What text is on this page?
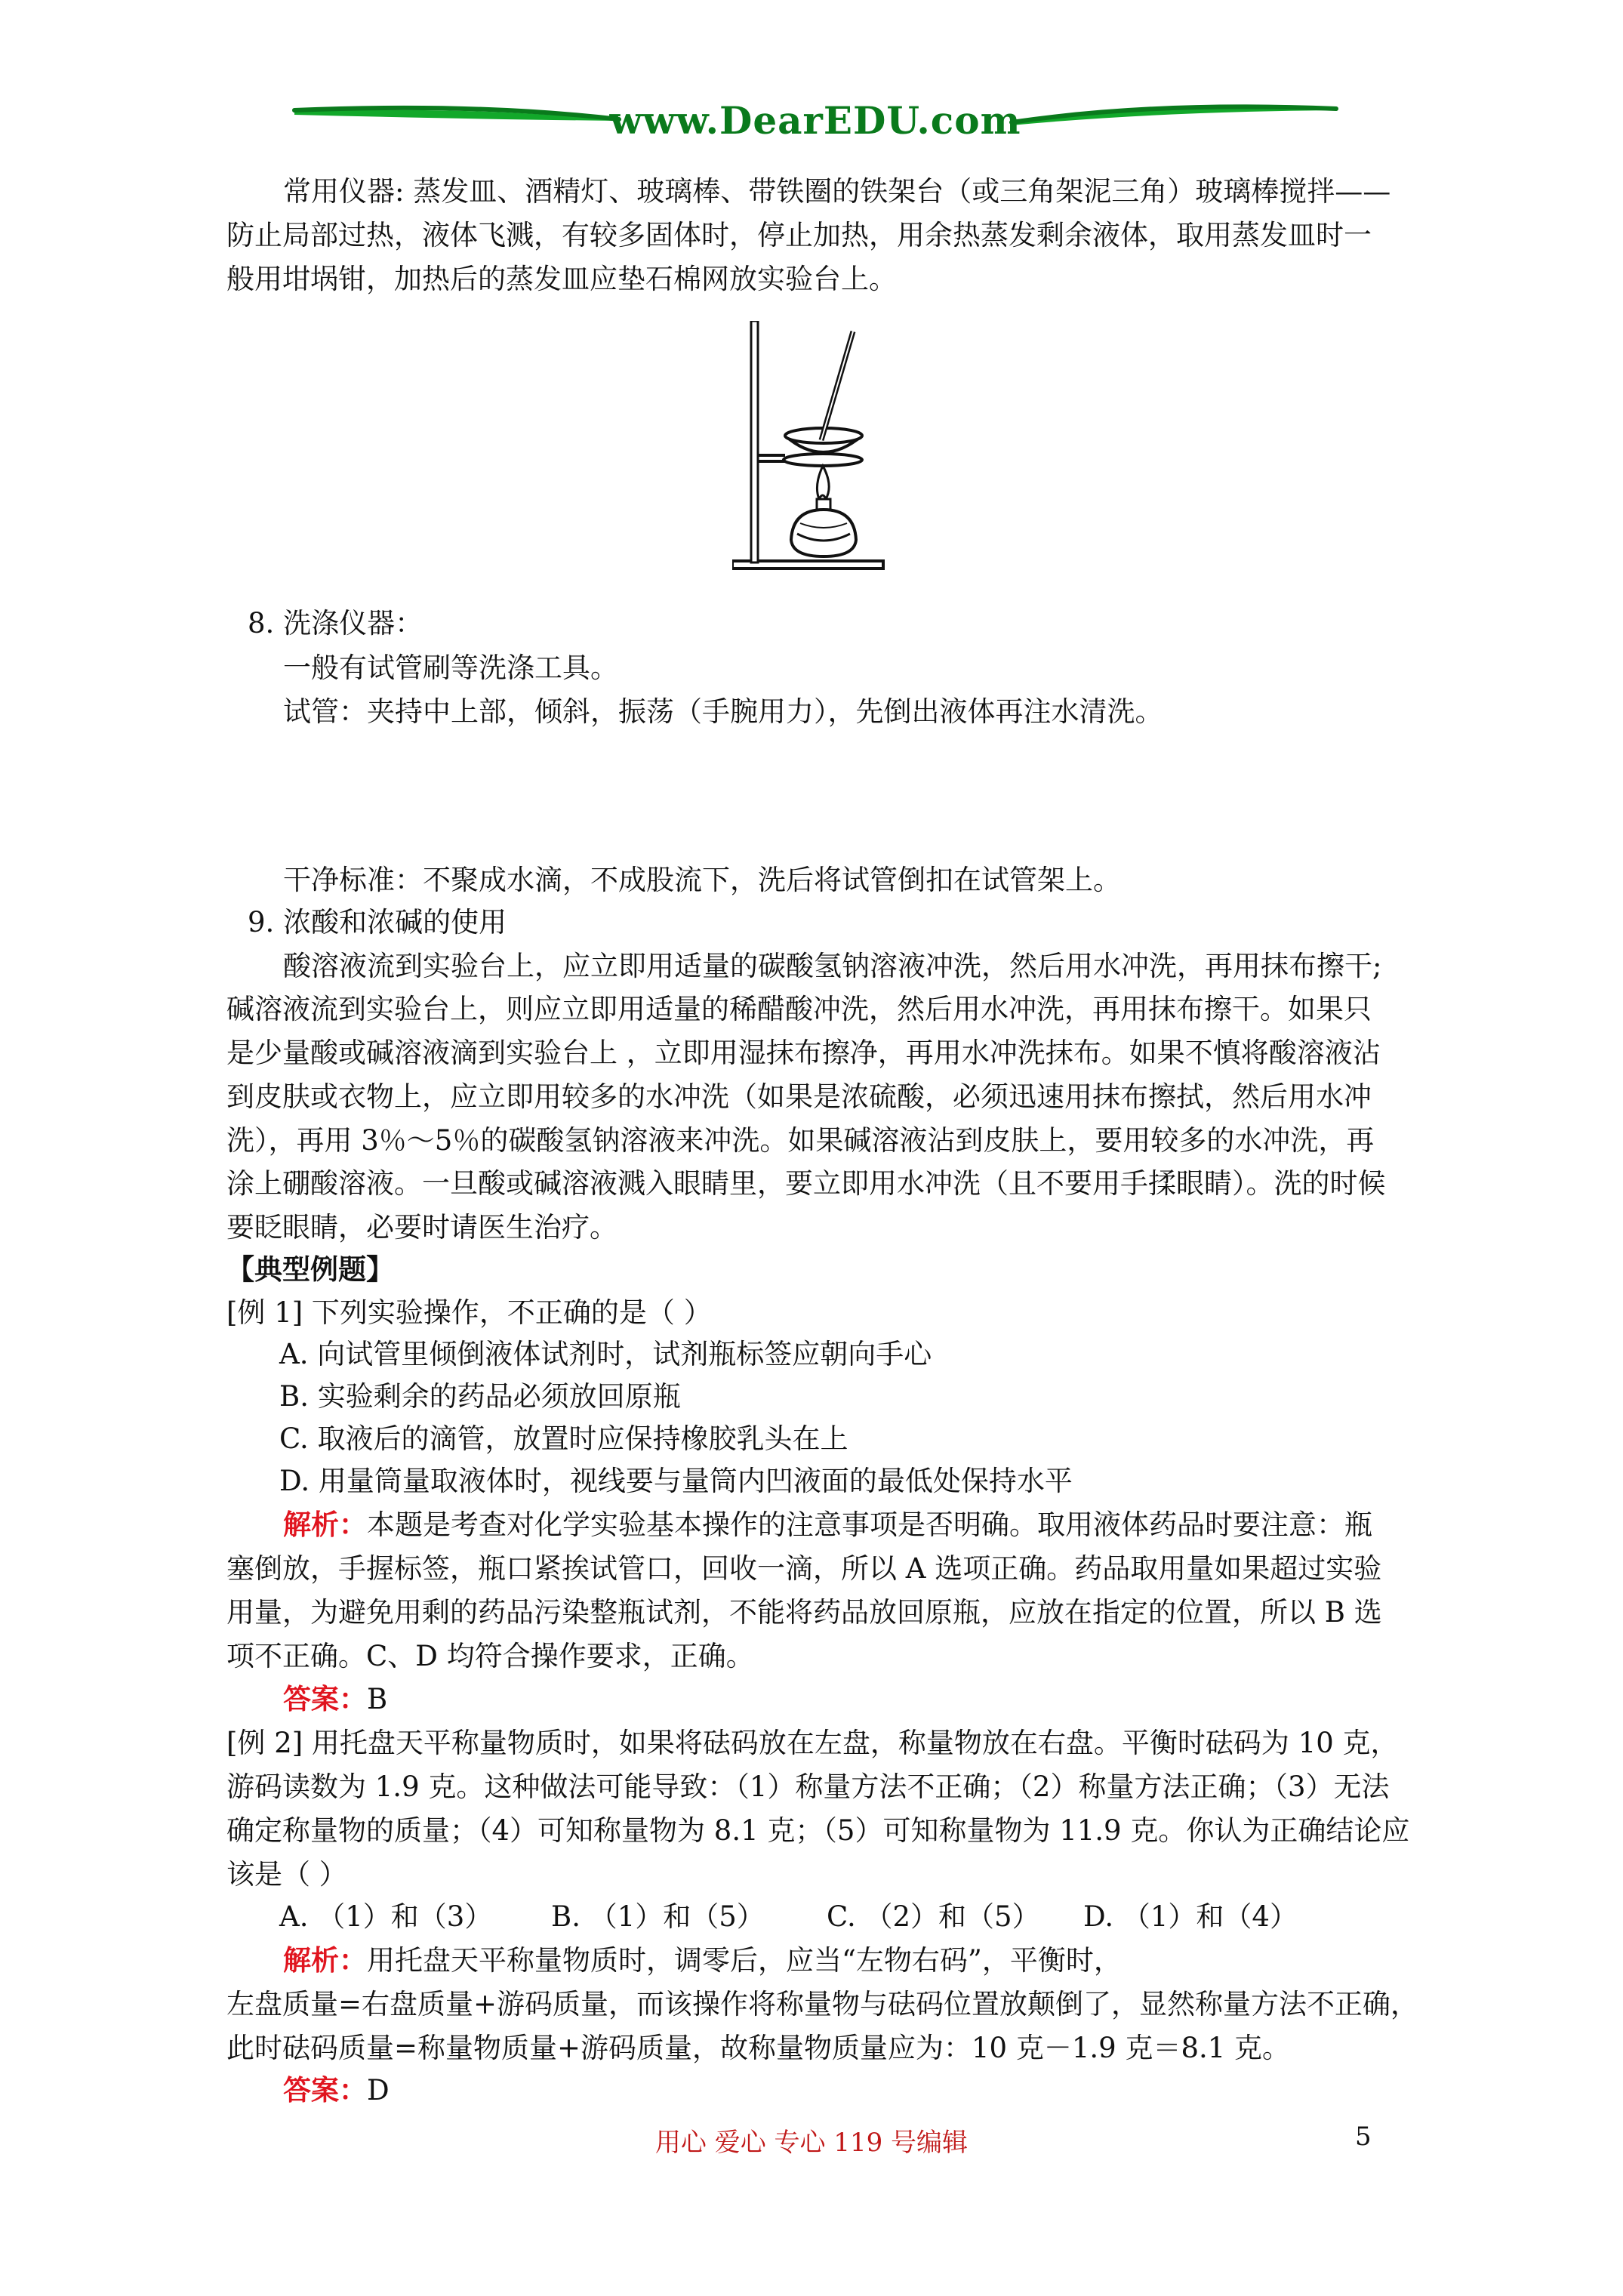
www.DearEDU.com
常用仪器: 蒸发皿、酒精灯、玻璃棒、带铁圈的铁架台（或三角架泥三角）玻璃棒搅拌——
防止局部过热，液体飞溅，有较多固体时，停止加热，用余热蒸发剩余液体，取用蒸发皿时一
般用坩埚钳，加热后的蒸发皿应垫石棉网放实验台上。
8. 洗涤仪器：
一般有试管刷等洗涤工具。
试管：夹持中上部，倾斜，振荡（手腕用力），先倒出液体再注水清洗。
干净标准：不聚成水滴，不成股流下，洗后将试管倒扣在试管架上。
9. 浓酸和浓碱的使用
酸溶液流到实验台上，应立即用适量的碳酸氢钠溶液冲洗，然后用水冲洗，再用抹布擦干;
碱溶液流到实验台上，则应立即用适量的稀醋酸冲洗，然后用水冲洗，再用抹布擦干。如果只
是少量酸或碱溶液滴到实验台上 ，立即用湿抹布擦净，再用水冲洗抹布。如果不慎将酸溶液沾
到皮肤或衣物上，应立即用较多的水冲洗（如果是浓硫酸，必须迅速用抹布擦拭，然后用水冲
洗），再用 3％～5％的碳酸氢钠溶液来冲洗。如果碱溶液沾到皮肤上，要用较多的水冲洗，再
涂上硼酸溶液。一旦酸或碱溶液溅入眼睛里，要立即用水冲洗（且不要用手揉眼睛）。洗的时候
要眨眼睛，必要时请医生治疗。
【典型例题】
[例 1] 下列实验操作，不正确的是（ ）
A. 向试管里倾倒液体试剂时，试剂瓶标签应朝向手心
B. 实验剩余的药品必须放回原瓶
C. 取液后的滴管，放置时应保持橡胶乳头在上
D. 用量筒量取液体时，视线要与量筒内凹液面的最低处保持水平
解析：本题是考查对化学实验基本操作的注意事项是否明确。取用液体药品时要注意：瓶
塞倒放，手握标签，瓶口紧挨试管口，回收一滴，所以 A 选项正确。药品取用量如果超过实验
用量，为避免用剩的药品污染整瓶试剂，不能将药品放回原瓶，应放在指定的位置，所以 B 选
项不正确。C、D 均符合操作要求，正确。
答案：B
[例 2] 用托盘天平称量物质时，如果将砝码放在左盘，称量物放在右盘。平衡时砝码为 10 克，
游码读数为 1.9 克。这种做法可能导致：（1）称量方法不正确；（2）称量方法正确；（3）无法
确定称量物的质量；（4）可知称量物为 8.1 克；（5）可知称量物为 11.9 克。你认为正确结论应
该是（ ）
A. （1）和（3） B. （1）和（5） C. （2）和（5） D. （1）和（4）
解析：用托盘天平称量物质时，调零后，应当“左物右码”，平衡时，
左盘质量=右盘质量+游码质量，而该操作将称量物与砝码位置放颠倒了，显然称量方法不正确，
此时砝码质量=称量物质量+游码质量，故称量物质量应为：10 克－1.9 克＝8.1 克。
答案：D
用心 爱心 专心 119 号编辑	5
